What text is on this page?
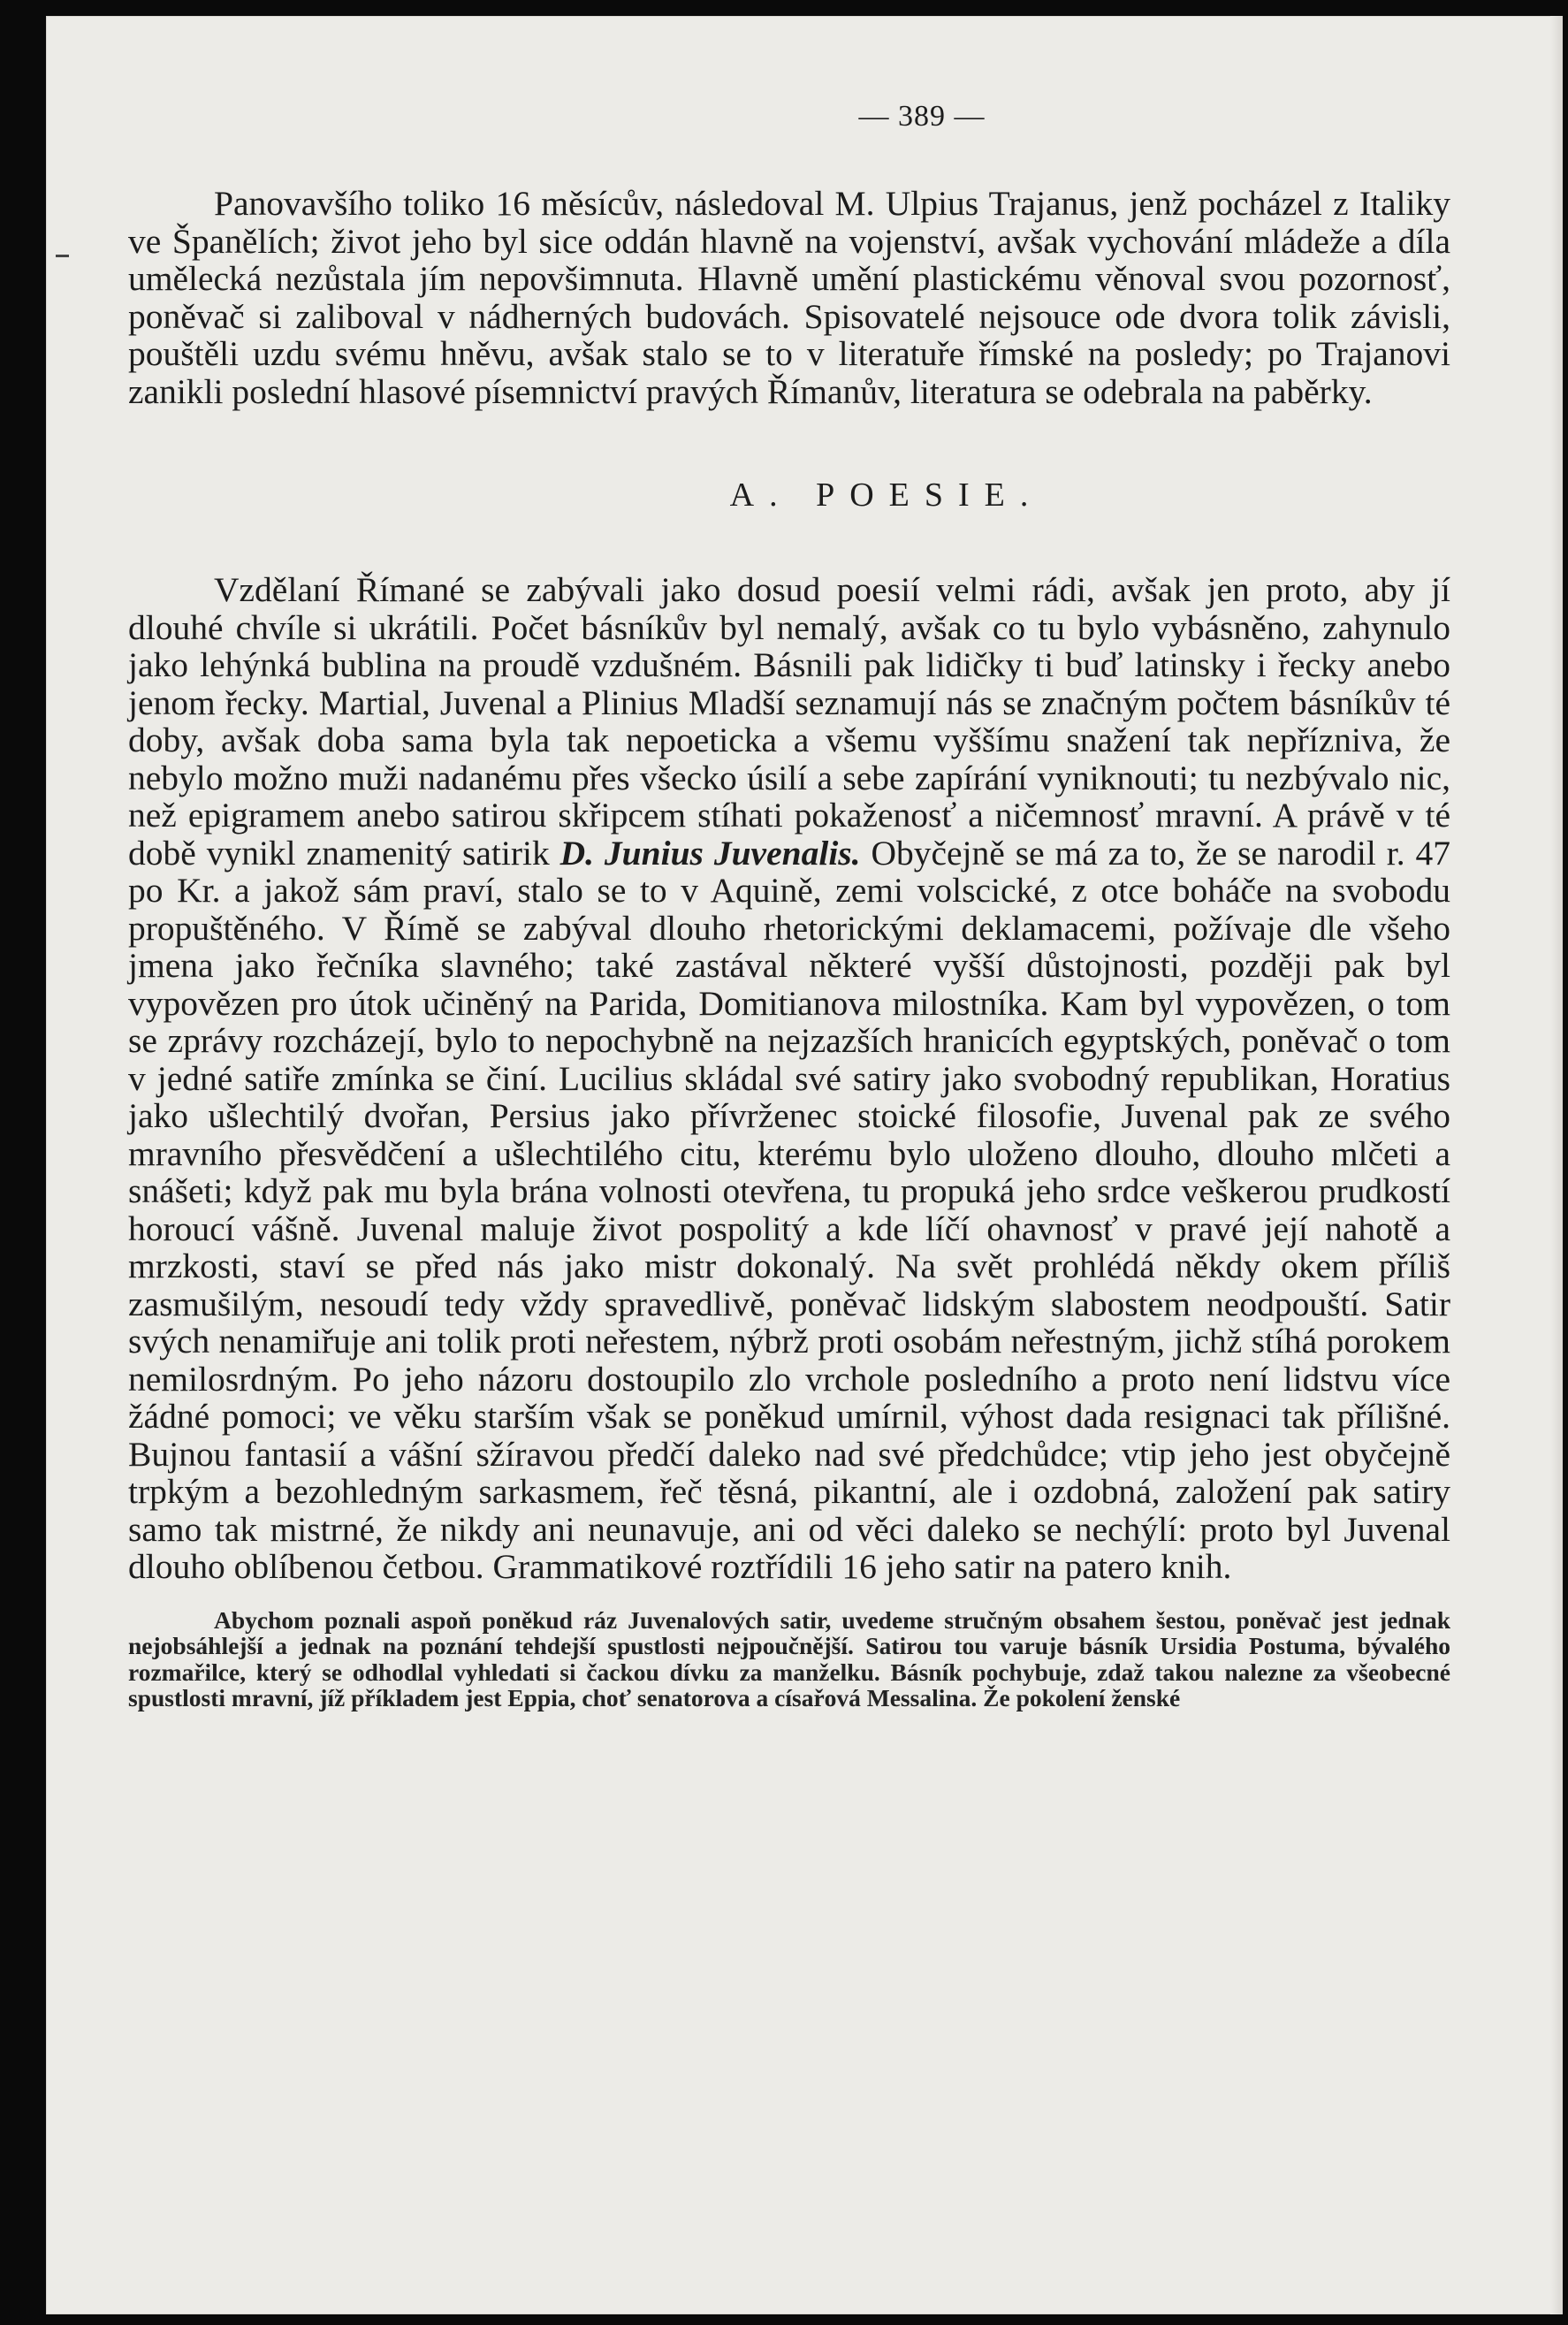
— 389 —

Panovavšího toliko 16 měsícův, následoval M. Ulpius Trajanus, jenž pocházel z Italiky ve Španělích; život jeho byl sice oddán hlavně na vojenství, avšak vychování mládeže a díla umělecká nezůstala jím nepovšimnuta. Hlavně umění plastickému věnoval svou pozornosť, poněvač si zaliboval v nádherných budovách. Spisovatelé nejsouce ode dvora tolik závisli, pouštěli uzdu svému hněvu, avšak stalo se to v literatuře římské na posledy; po Trajanovi zanikli poslední hlasové písemnictví pravých Římanův, literatura se odebrala na paběrky.

A. POESIE.

Vzdělaní Římané se zabývali jako dosud poesií velmi rádi, avšak jen proto, aby jí dlouhé chvíle si ukrátili. Počet básníkův byl nemalý, avšak co tu bylo vybásněno, zahynulo jako lehýnká bublina na proudě vzdušném. Básnili pak lidičky ti buď latinsky i řecky anebo jenom řecky. Martial, Juvenal a Plinius Mladší seznamují nás se značným počtem básníkův té doby, avšak doba sama byla tak nepoeticka a všemu vyššímu snažení tak nepřízniva, že nebylo možno muži nadanému přes všecko úsilí a sebe zapírání vyniknouti; tu nezbývalo nic, než epigramem anebo satirou skřipcem stíhati pokaženosť a ničemnosť mravní. A právě v té době vynikl znamenitý satirik D. Junius Juvenalis. Obyčejně se má za to, že se narodil r. 47 po Kr. a jakož sám praví, stalo se to v Aquině, zemi volscické, z otce boháče na svobodu propuštěného. V Římě se zabýval dlouho rhetorickými deklamacemi, požívaje dle všeho jmena jako řečníka slavného; také zastával některé vyšší důstojnosti, později pak byl vypovězen pro útok učiněný na Parida, Domitianova milostníka. Kam byl vypovězen, o tom se zprávy rozcházejí, bylo to nepochybně na nejzazších hranicích egyptských, poněvač o tom v jedné satiře zmínka se činí. Lucilius skládal své satiry jako svobodný republikan, Horatius jako ušlechtilý dvořan, Persius jako přívrženec stoické filosofie, Juvenal pak ze svého mravního přesvědčení a ušlechtilého citu, kterému bylo uloženo dlouho, dlouho mlčeti a snášeti; když pak mu byla brána volnosti otevřena, tu propuká jeho srdce veškerou prudkostí horoucí vášně. Juvenal maluje život pospolitý a kde líčí ohavnosť v pravé její nahotě a mrzkosti, staví se před nás jako mistr dokonalý. Na svět prohlédá někdy okem příliš zasmušilým, nesoudí tedy vždy spravedlivě, poněvač lidským slabostem neodpouští. Satir svých nenamiřuje ani tolik proti neřestem, nýbrž proti osobám neřestným, jichž stíhá porokem nemilosrdným. Po jeho názoru dostoupilo zlo vrchole posledního a proto není lidstvu více žádné pomoci; ve věku starším však se poněkud umírnil, výhost dada resignaci tak přílišné. Bujnou fantasií a vášní sžíravou předčí daleko nad své předchůdce; vtip jeho jest obyčejně trpkým a bezohledným sarkasmem, řeč těsná, pikantní, ale i ozdobná, založení pak satiry samo tak mistrné, že nikdy ani neunavuje, ani od věci daleko se nechýlí: proto byl Juvenal dlouho oblíbenou četbou. Grammatikové roztřídili 16 jeho satir na patero knih.

Abychom poznali aspoň poněkud ráz Juvenalových satir, uvedeme stručným obsahem šestou, poněvač jest jednak nejobsáhlejší a jednak na poznání tehdejší spustlosti nejpoučnější. Satirou tou varuje básník Ursidia Postuma, bývalého rozmařilce, který se odhodlal vyhledati si čackou dívku za manželku. Básník pochybuje, zdaž takou nalezne za všeobecné spustlosti mravní, jíž příkladem jest Eppia, choť senatorova a císařová Messalina. Že pokolení ženské
